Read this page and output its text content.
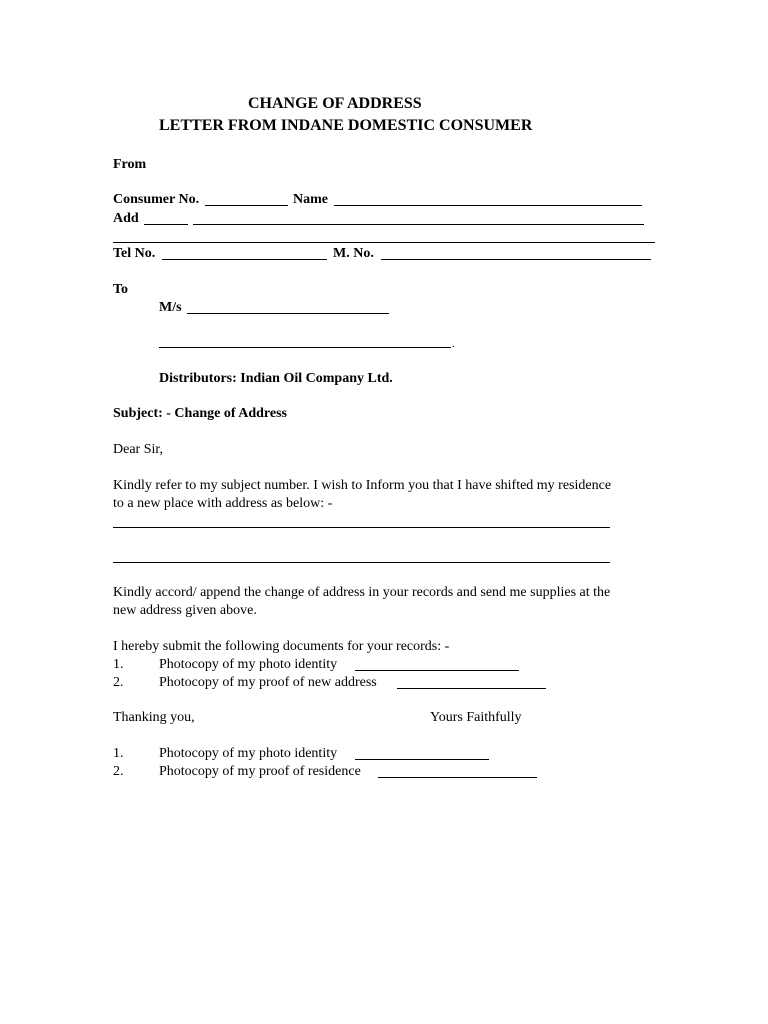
CHANGE OF ADDRESS
LETTER FROM INDANE DOMESTIC CONSUMER
From
Consumer No.	Name
Add
Tel No.	M. No.
To
M/s
.
Distributors: Indian Oil Company Ltd.
Subject: - Change of Address
Dear Sir,
Kindly refer to my subject number. I wish to Inform you that I have shifted my residence
to a new place with address as below: -
Kindly accord/ append the change of address in your records and send me supplies at the
new address given above.
I hereby submit the following documents for your records: -
1.	Photocopy of my photo identity
2.	Photocopy of my proof of new address
Thanking you,	Yours Faithfully
1.	Photocopy of my photo identity
2.	Photocopy of my proof of residence
